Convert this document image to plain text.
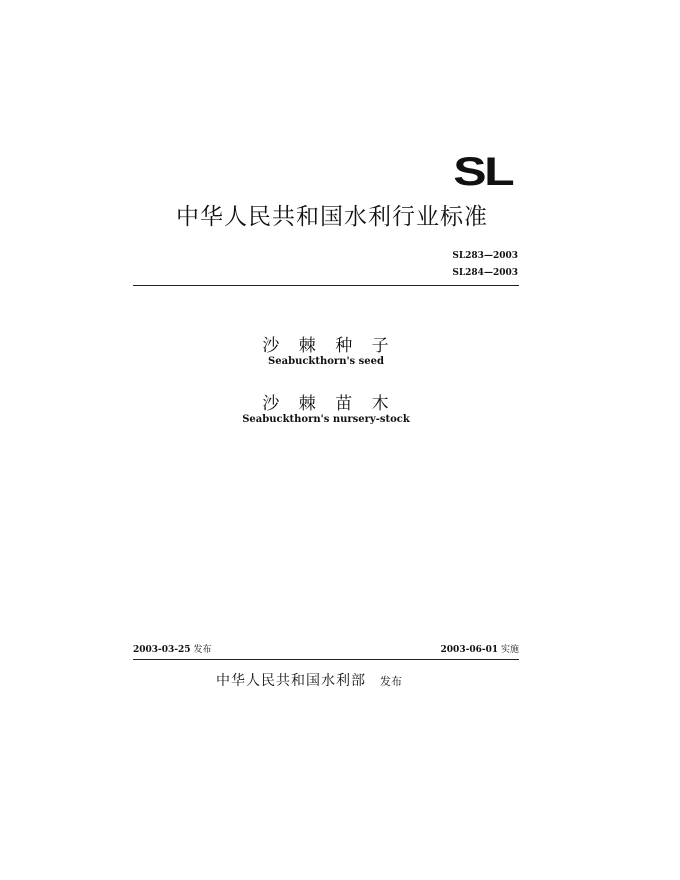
SL
中华人民共和国水利行业标准
SL283—2003
SL284—2003
沙 棘 种 子
Seabuckthorn's seed
沙 棘 苗 木
Seabuckthorn's nursery-stock
2003-03-25 发布	2003-06-01 实施
中华人民共和国水利部 发布
